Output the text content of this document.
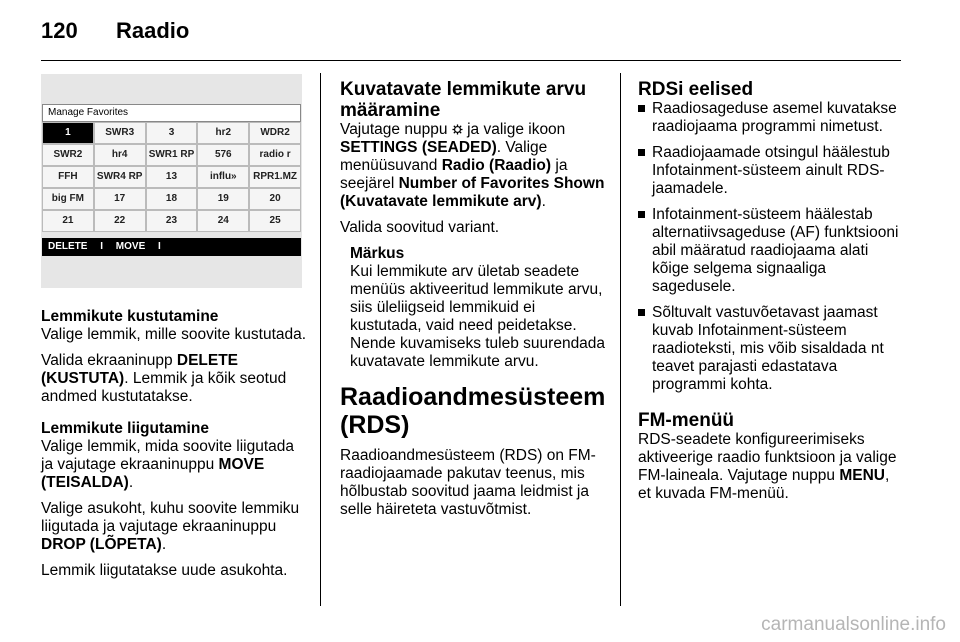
120 Raadio
Manage Favorites
1	SWR3	3	hr2	WDR2
SWR2	hr4	SWR1 RP	576	radio r
FFH	SWR4 RP	13	influ»	RPR1.MZ
big FM	17	18	19	20
21	22	23	24	25
DELETE I MOVE I
Lemmikute kustutamine

Valige lemmik, mille soovite kustutada.

Valida ekraaninupp DELETE (KUSTUTA). Lemmik ja kõik seotud andmed kustutatakse.

Lemmikute liigutamine

Valige lemmik, mida soovite liigutada ja vajutage ekraaninuppu MOVE (TEISALDA).

Valige asukoht, kuhu soovite lemmiku liigutada ja vajutage ekraaninuppu DROP (LÕPETA).

Lemmik liigutatakse uude asukohta.

Kuvatavate lemmikute arvu määramine

Vajutage nuppu  ja valige ikoon SETTINGS (SEADED). Valige menüüsuvand Radio (Raadio) ja seejärel Number of Favorites Shown (Kuvatavate lemmikute arv).

Valida soovitud variant.

Märkus

Kui lemmikute arv ületab seadete menüüs aktiveeritud lemmikute arvu, siis üleliigseid lemmikuid ei kustutada, vaid need peidetakse. Nende kuvamiseks tuleb suurendada kuvatavate lemmikute arvu.

Raadioandmesüsteem (RDS)

Raadioandmesüsteem (RDS) on FM-raadiojaamade pakutav teenus, mis hõlbustab soovitud jaama leidmist ja selle häireteta vastuvõtmist.

RDSi eelised
Raadiosageduse asemel kuvatakse raadiojaama programmi nimetust.
Raadiojaamade otsingul häälestub Infotainment-süsteem ainult RDS-jaamadele.
Infotainment-süsteem häälestab alternatiivsageduse (AF) funktsiooni abil määratud raadiojaama alati kõige selgema signaaliga sagedusele.
Sõltuvalt vastuvõetavast jaamast kuvab Infotainment-süsteem raadioteksti, mis võib sisaldada nt teavet parajasti edastatava programmi kohta.
FM-menüü

RDS-seadete konfigureerimiseks aktiveerige raadio funktsioon ja valige FM-laineala. Vajutage nuppu MENU, et kuvada FM-menüü.

carmanualsonline.info
